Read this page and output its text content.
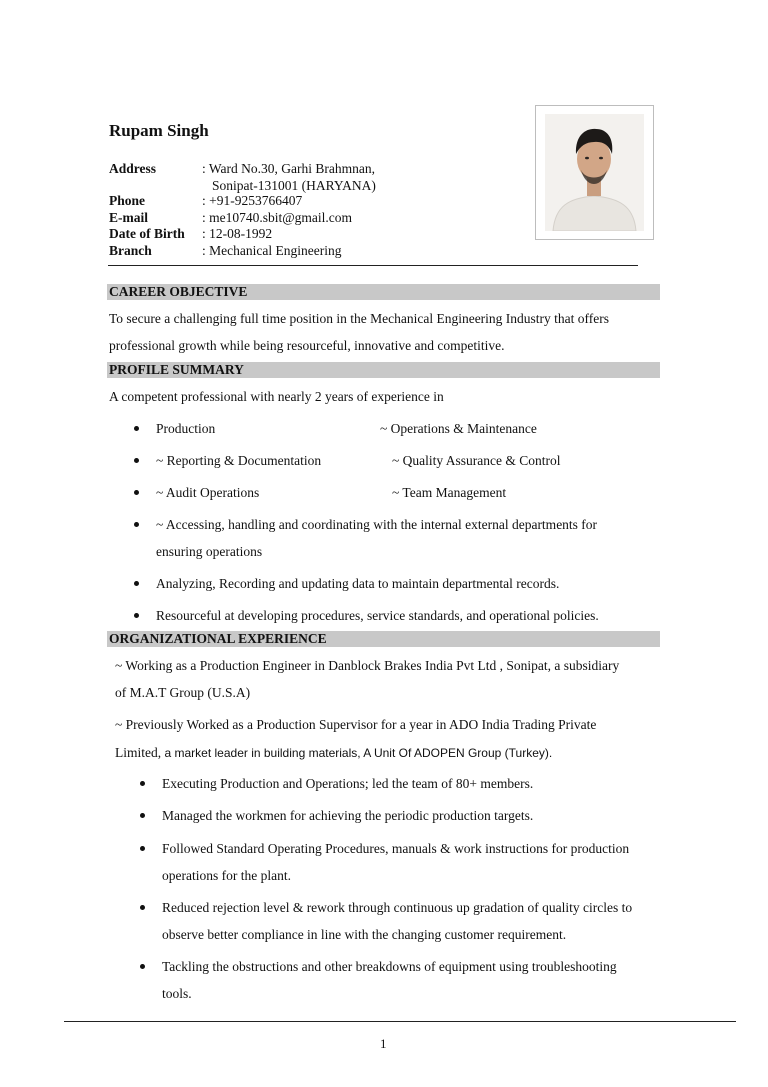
Rupam Singh
Address	: Ward No.30, Garhi Brahmnan,
Sonipat-131001 (HARYANA)
Phone	: +91-9253766407
E-mail	: me10740.sbit@gmail.com
Date of Birth : 12-08-1992
Branch	: Mechanical Engineering
CAREER OBJECTIVE
To secure a challenging full time position in the Mechanical Engineering Industry that offers
professional growth while being resourceful, innovative and competitive.
PROFILE SUMMARY
A competent professional with nearly 2 years of experience in
Production	~ Operations & Maintenance
~ Reporting & Documentation	~ Quality Assurance & Control
~ Audit Operations	~ Team Management
~ Accessing, handling and coordinating with the internal external departments for
ensuring operations
Analyzing, Recording and updating data to maintain departmental records.
Resourceful at developing procedures, service standards, and operational policies.
ORGANIZATIONAL EXPERIENCE
~ Working as a Production Engineer in Danblock Brakes India Pvt Ltd , Sonipat, a subsidiary
of M.A.T Group (U.S.A)
~ Previously Worked as a Production Supervisor for a year in ADO India Trading Private
Limited, a market leader in building materials, A Unit Of ADOPEN Group (Turkey).
Executing Production and Operations; led the team of 80+ members.
Managed the workmen for achieving the periodic production targets.
Followed Standard Operating Procedures, manuals & work instructions for production
operations for the plant.
Reduced rejection level & rework through continuous up gradation of quality circles to
observe better compliance in line with the changing customer requirement.
Tackling the obstructions and other breakdowns of equipment using troubleshooting
tools.
1
